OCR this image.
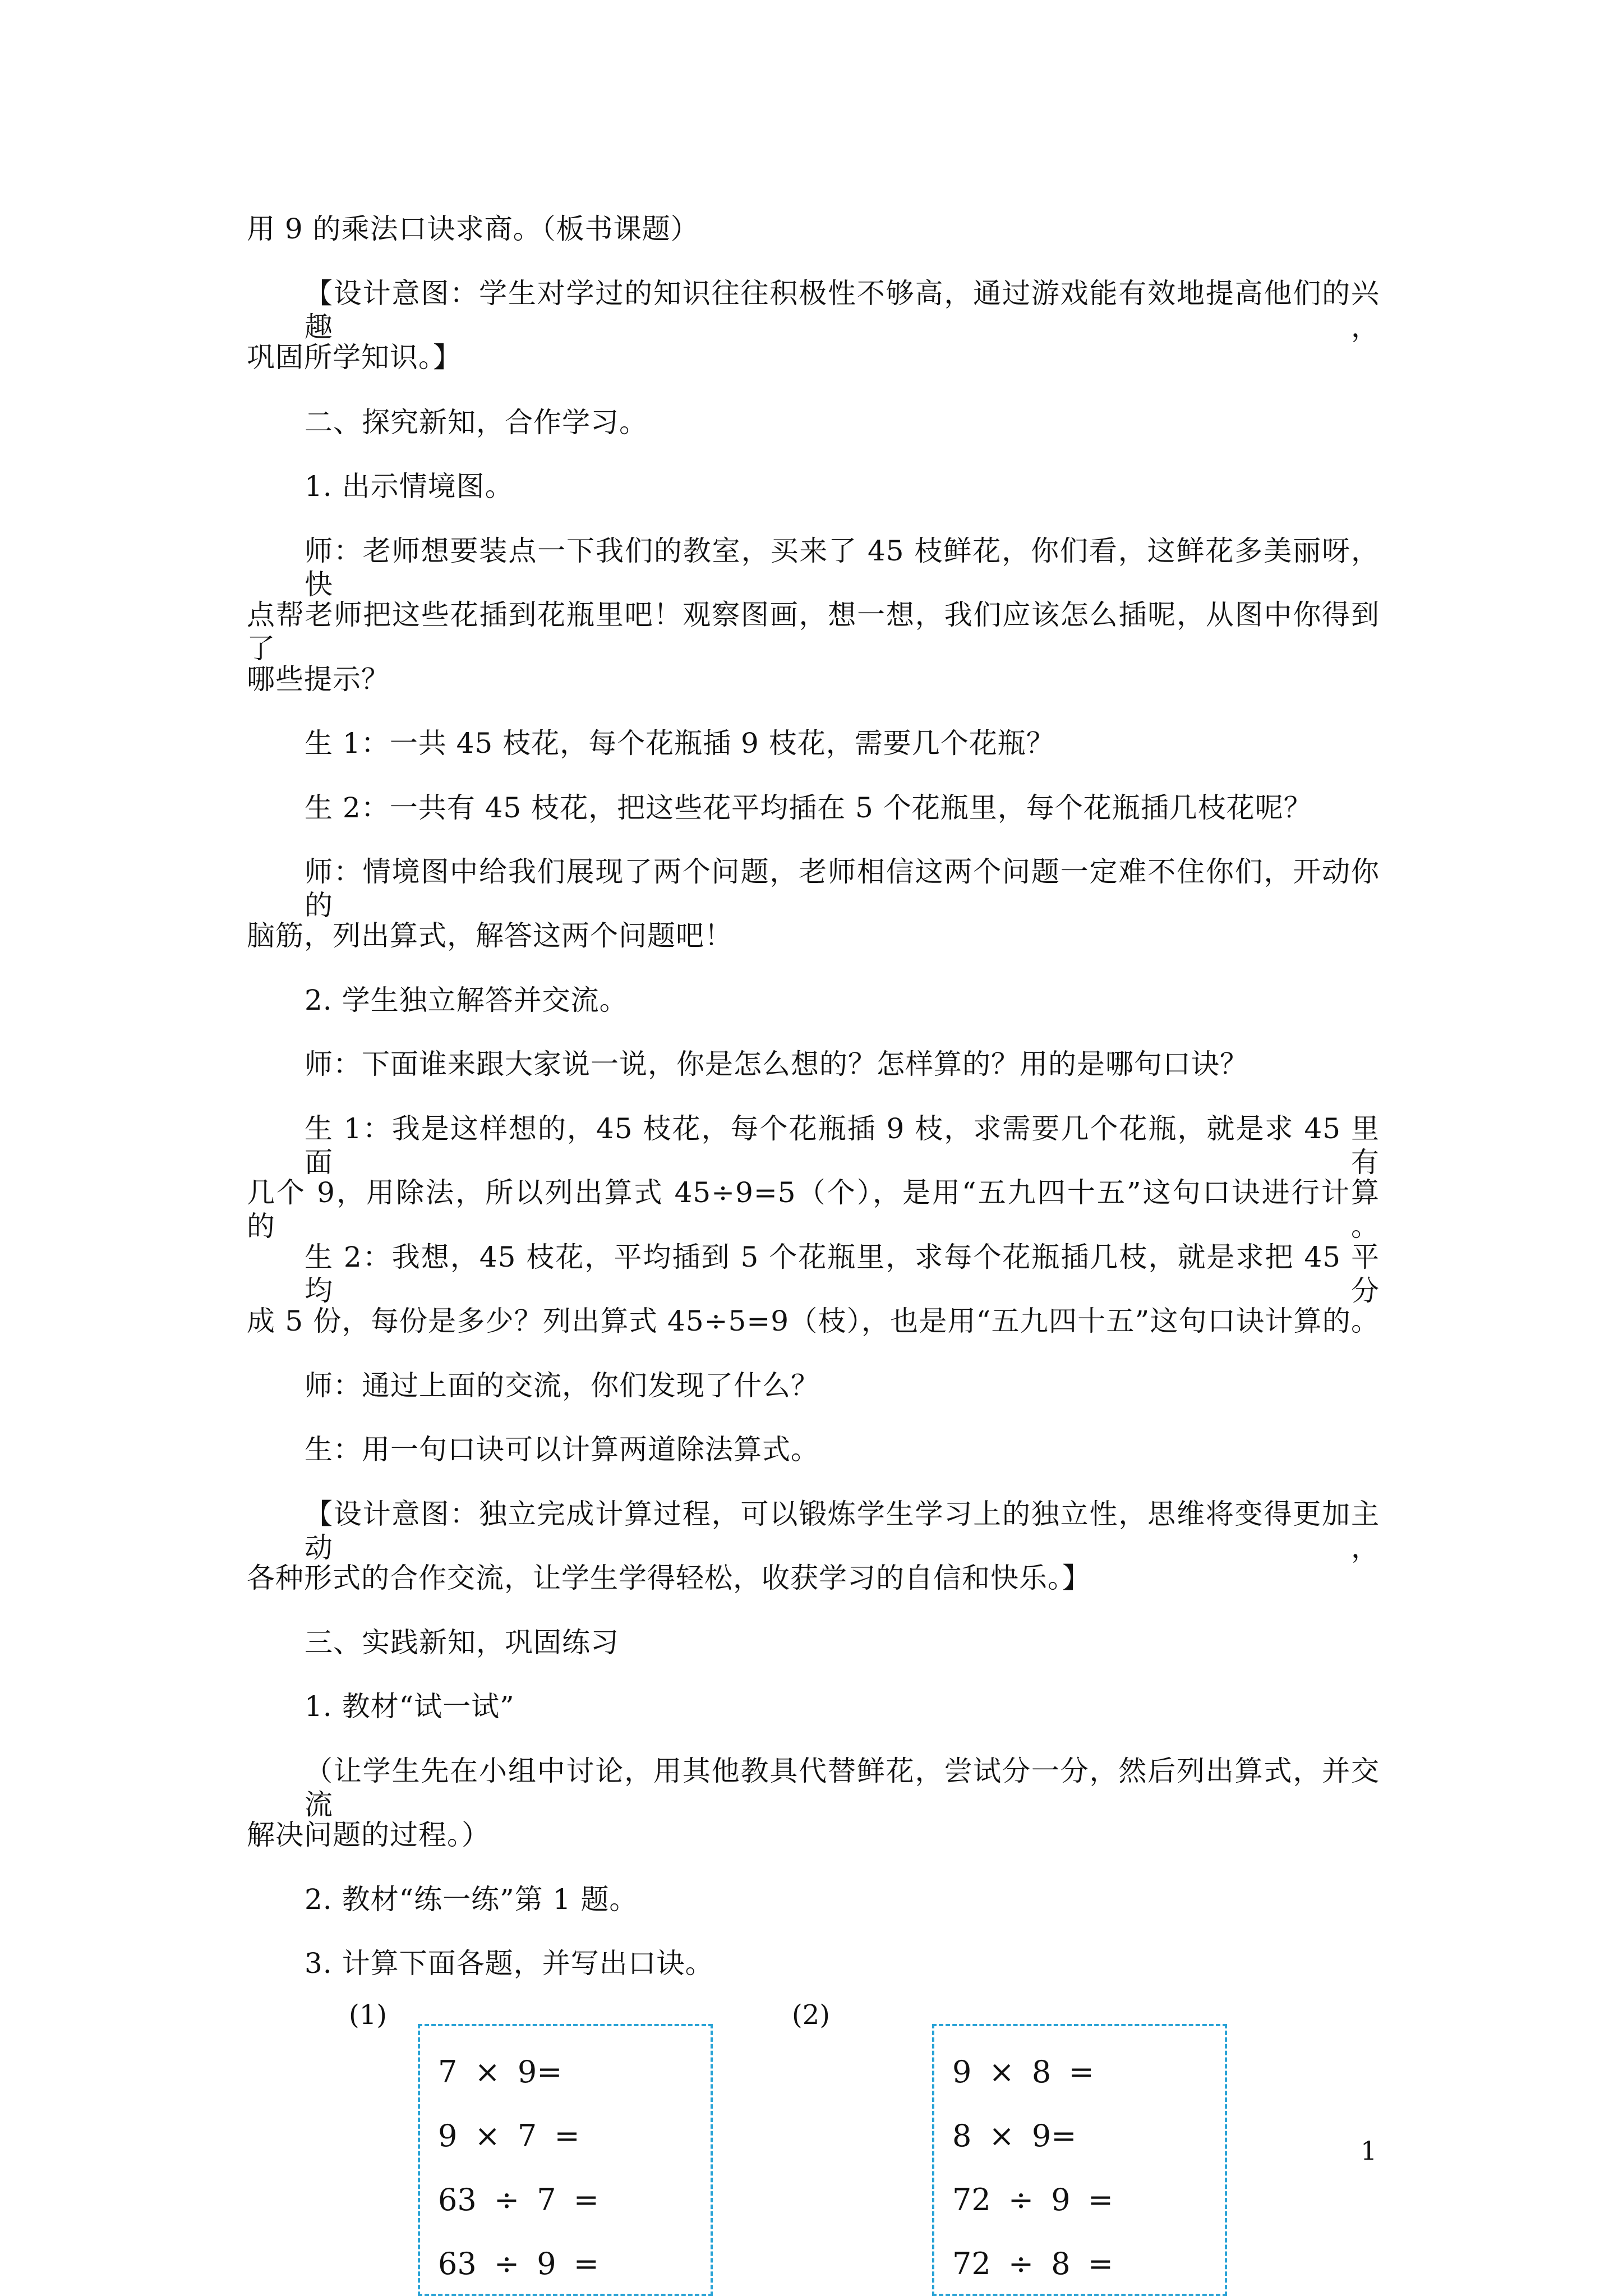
用 9 的乘法口诀求商。（板书课题）
【设计意图：学生对学过的知识往往积极性不够高，通过游戏能有效地提高他们的兴趣，
巩固所学知识。】
二、探究新知，合作学习。
1. 出示情境图。
师：老师想要装点一下我们的教室，买来了 45 枝鲜花，你们看，这鲜花多美丽呀，快
点帮老师把这些花插到花瓶里吧！观察图画，想一想，我们应该怎么插呢，从图中你得到了
哪些提示？
生 1：一共 45 枝花，每个花瓶插 9 枝花，需要几个花瓶？
生 2：一共有 45 枝花，把这些花平均插在 5 个花瓶里，每个花瓶插几枝花呢？
师：情境图中给我们展现了两个问题，老师相信这两个问题一定难不住你们，开动你的
脑筋，列出算式，解答这两个问题吧！
2. 学生独立解答并交流。
师：下面谁来跟大家说一说，你是怎么想的？怎样算的？用的是哪句口诀？
生 1：我是这样想的，45 枝花，每个花瓶插 9 枝，求需要几个花瓶，就是求 45 里面有
几个 9，用除法，所以列出算式 45÷9=5（个），是用“五九四十五”这句口诀进行计算的。
生 2：我想，45 枝花，平均插到 5 个花瓶里，求每个花瓶插几枝，就是求把 45 平均分
成 5 份，每份是多少？列出算式 45÷5=9（枝），也是用“五九四十五”这句口诀计算的。
师：通过上面的交流，你们发现了什么？
生：用一句口诀可以计算两道除法算式。
【设计意图：独立完成计算过程，可以锻炼学生学习上的独立性，思维将变得更加主动，
各种形式的合作交流，让学生学得轻松，收获学习的自信和快乐。】
三、实践新知，巩固练习
1. 教材“试一试”
（让学生先在小组中讨论，用其他教具代替鲜花，尝试分一分，然后列出算式，并交流
解决问题的过程。）
2. 教材“练一练”第 1 题。
3. 计算下面各题，并写出口诀。
(1)	(2)
7 × 9=
9 × 7 =
63 ÷ 7 =
63 ÷ 9 =
9 × 8 =
8 × 9=
72 ÷ 9 =
72 ÷ 8 =
1
